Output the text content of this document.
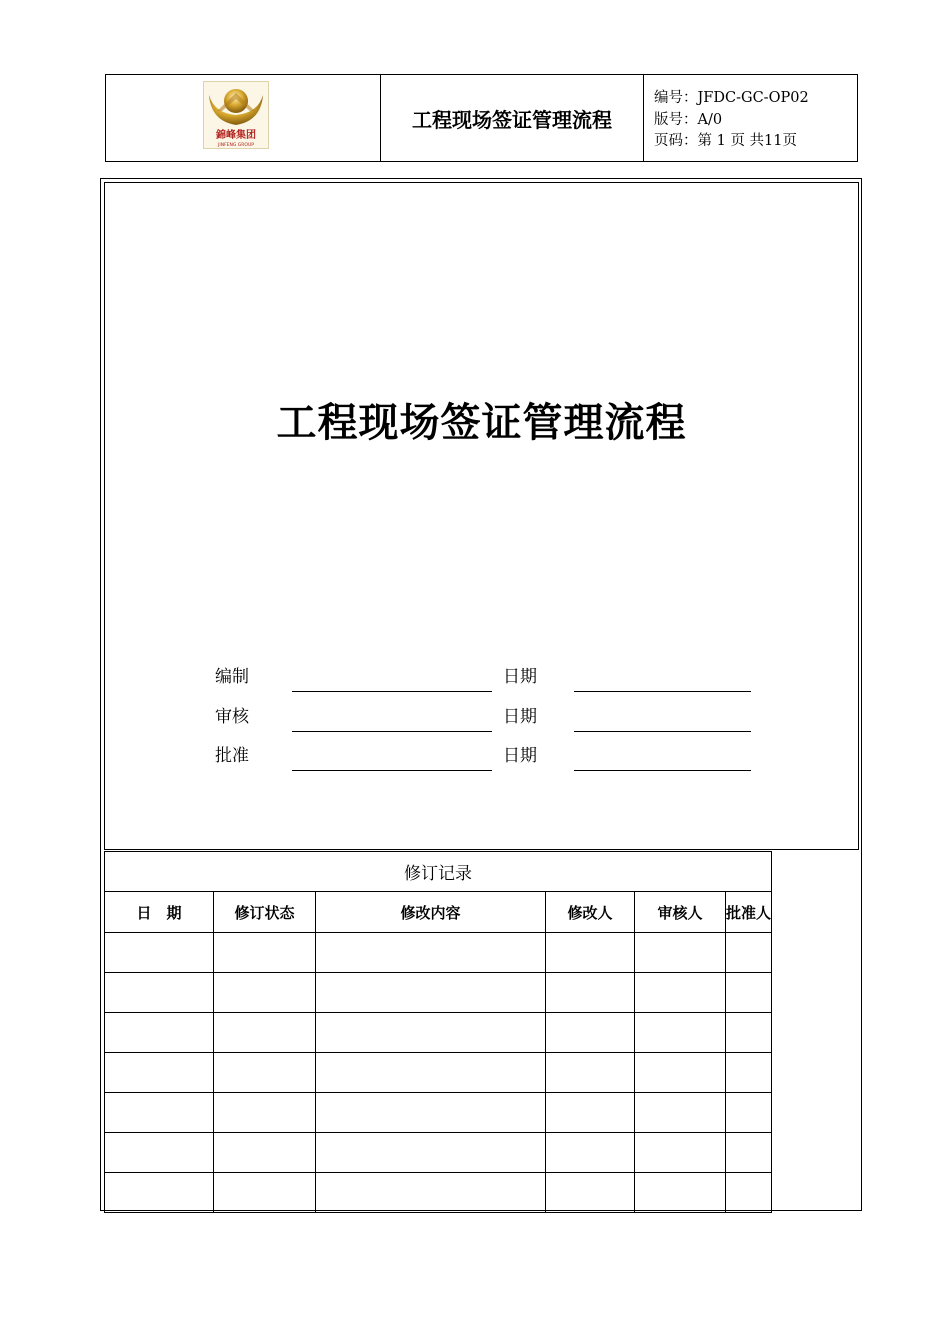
錦峰集团
JINFENG GROUP
工程现场签证管理流程
编号：JFDC-GC-OP02
版号：A/0
页码：第 1 页 共11页
工程现场签证管理流程
编制	日期
审核	日期
批准	日期
修订记录					
日　期	修订状态	修改内容	修改人	审核人	批准人
